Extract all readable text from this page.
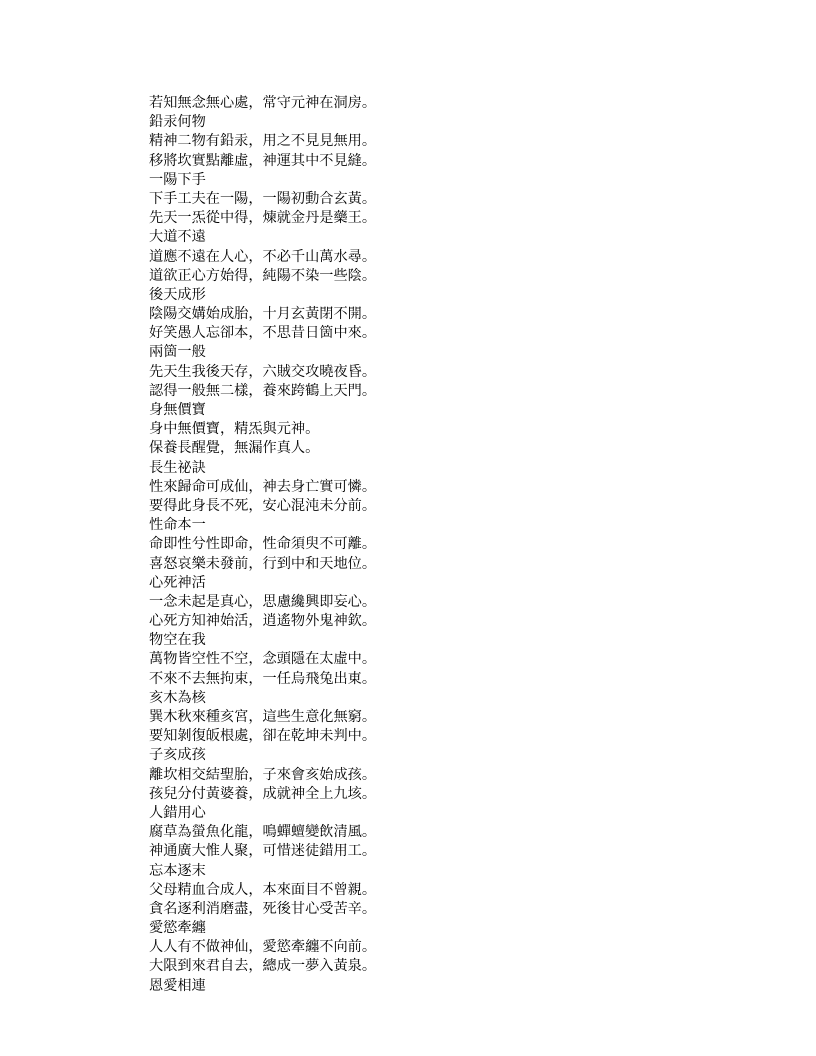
若知無念無心處，常守元神在洞房。
鉛汞何物
精神二物有鉛汞，用之不見見無用。
移將坎實點離虛，神運其中不見縫。
一陽下手
下手工夫在一陽，一陽初動合玄黃。
先天一炁從中得，煉就金丹是藥王。
大道不遠
道應不遠在人心，不必千山萬水尋。
道欲正心方始得，純陽不染一些陰。
後天成形
陰陽交媾始成胎，十月玄黃閉不開。
好笑愚人忘卻本，不思昔日箇中來。
兩箇一般
先天生我後天存，六賊交攻曉夜昏。
認得一般無二樣，養來跨鶴上天門。
身無價寶
身中無價寶，精炁與元神。
保養長醒覺，無漏作真人。
長生祕訣
性來歸命可成仙，神去身亡實可憐。
要得此身長不死，安心混沌未分前。
性命本一
命即性兮性即命，性命須臾不可離。
喜怒哀樂未發前，行到中和天地位。
心死神活
一念未起是真心，思慮纔興即妄心。
心死方知神始活，逍遙物外鬼神欽。
物空在我
萬物皆空性不空，念頭隱在太虛中。
不來不去無拘束，一任烏飛兔出東。
亥木為核
巽木秋來種亥宮，這些生意化無窮。
要知剝復皈根處，卻在乾坤未判中。
子亥成孩
離坎相交結聖胎，子來會亥始成孩。
孩兒分付黃婆養，成就神全上九垓。
人錯用心
腐草為螢魚化龍，鳴蟬蟺變飲清風。
神通廣大惟人聚，可惜迷徒錯用工。
忘本逐末
父母精血合成人，本來面目不曾親。
貪名逐利消磨盡，死後甘心受苦辛。
愛慾牽纏
人人有不做神仙，愛慾牽纏不向前。
大限到來君自去，總成一夢入黃泉。
恩愛相連
